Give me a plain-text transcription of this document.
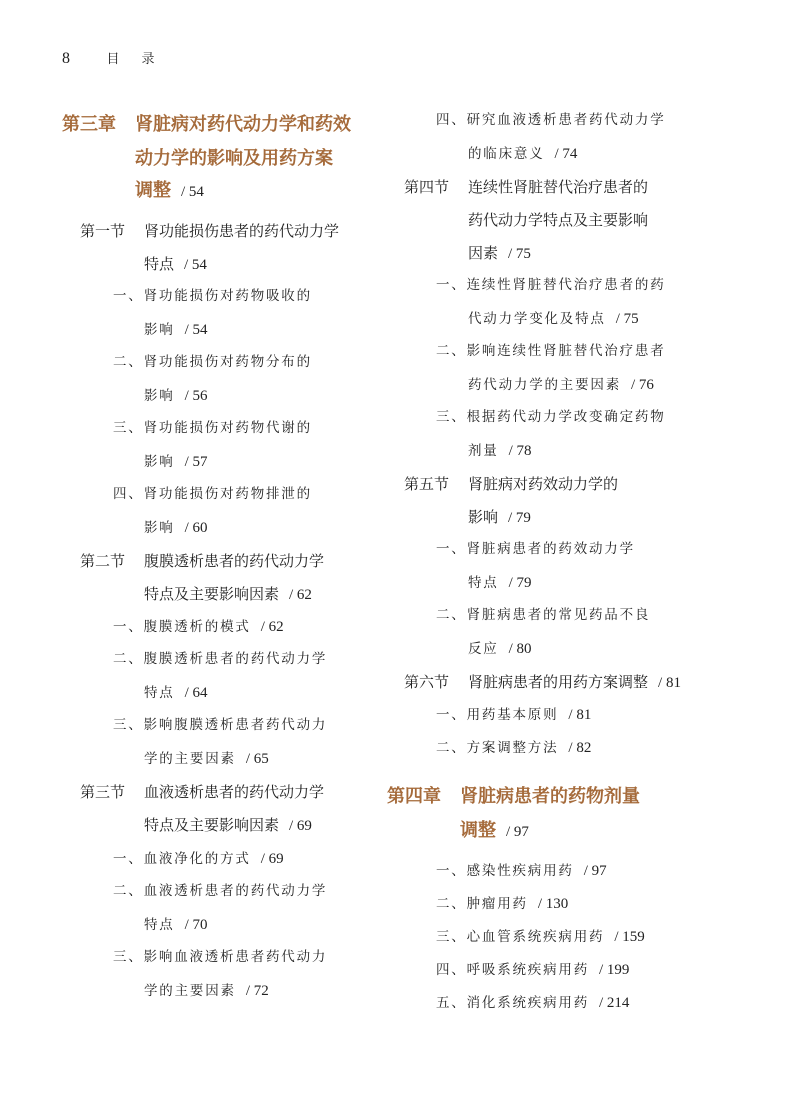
8	目录
第三章 肾脏病对药代动力学和药效
动力学的影响及用药方案
调整 / 54
第一节 肾功能损伤患者的药代动力学
特点 / 54
一、肾功能损伤对药物吸收的
影响 / 54
二、肾功能损伤对药物分布的
影响 / 56
三、肾功能损伤对药物代谢的
影响 / 57
四、肾功能损伤对药物排泄的
影响 / 60
第二节 腹膜透析患者的药代动力学
特点及主要影响因素 / 62
一、腹膜透析的模式 / 62
二、腹膜透析患者的药代动力学
特点 / 64
三、影响腹膜透析患者药代动力
学的主要因素 / 65
第三节 血液透析患者的药代动力学
特点及主要影响因素 / 69
一、血液净化的方式 / 69
二、血液透析患者的药代动力学
特点 / 70
三、影响血液透析患者药代动力
学的主要因素 / 72
四、研究血液透析患者药代动力学
的临床意义 / 74
第四节 连续性肾脏替代治疗患者的
药代动力学特点及主要影响
因素 / 75
一、连续性肾脏替代治疗患者的药
代动力学变化及特点 / 75
二、影响连续性肾脏替代治疗患者
药代动力学的主要因素 / 76
三、根据药代动力学改变确定药物
剂量 / 78
第五节 肾脏病对药效动力学的
影响 / 79
一、肾脏病患者的药效动力学
特点 / 79
二、肾脏病患者的常见药品不良
反应 / 80
第六节 肾脏病患者的用药方案调整 / 81
一、用药基本原则 / 81
二、方案调整方法 / 82
第四章 肾脏病患者的药物剂量
调整 / 97
一、感染性疾病用药 / 97
二、肿瘤用药 / 130
三、心血管系统疾病用药 / 159
四、呼吸系统疾病用药 / 199
五、消化系统疾病用药 / 214
